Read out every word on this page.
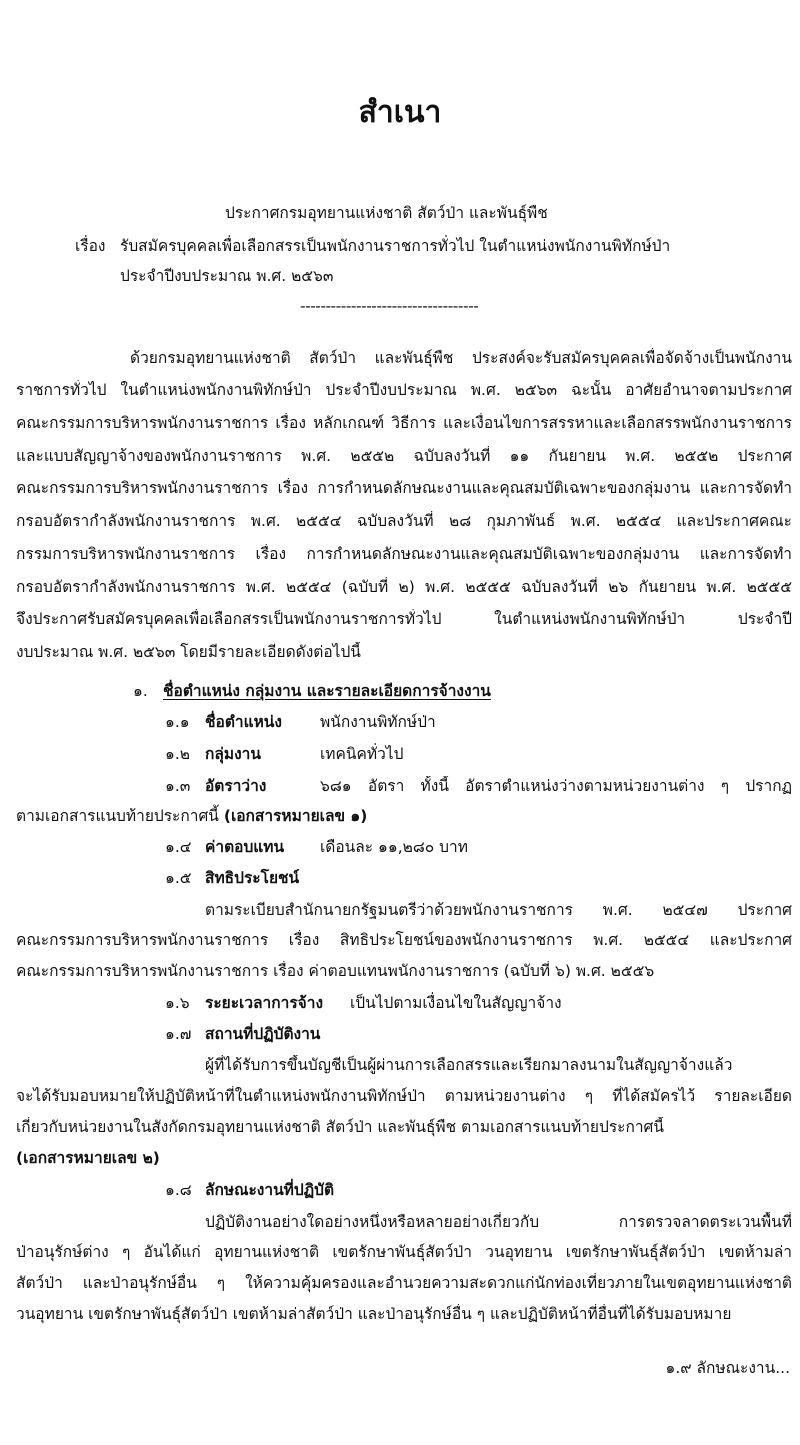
สำเนา
ประกาศกรมอุทยานแห่งชาติ สัตว์ป่า และพันธุ์พืช
เรื่อง รับสมัครบุคคลเพื่อเลือกสรรเป็นพนักงานราชการทั่วไป ในตำแหน่งพนักงานพิทักษ์ป่า
ประจำปีงบประมาณ พ.ศ. ๒๕๖๓
-----------------------------------
ด้วยกรมอุทยานแห่งชาติ สัตว์ป่า และพันธุ์พืช ประสงค์จะรับสมัครบุคคลเพื่อจัดจ้างเป็นพนักงาน
ราชการทั่วไป ในตำแหน่งพนักงานพิทักษ์ป่า ประจำปีงบประมาณ พ.ศ. ๒๕๖๓ ฉะนั้น อาศัยอำนาจตามประกาศ
คณะกรรมการบริหารพนักงานราชการ เรื่อง หลักเกณฑ์ วิธีการ และเงื่อนไขการสรรหาและเลือกสรรพนักงานราชการ
และแบบสัญญาจ้างของพนักงานราชการ พ.ศ. ๒๕๕๒ ฉบับลงวันที่ ๑๑ กันยายน พ.ศ. ๒๕๕๒ ประกาศ
คณะกรรมการบริหารพนักงานราชการ เรื่อง การกำหนดลักษณะงานและคุณสมบัติเฉพาะของกลุ่มงาน และการจัดทำ
กรอบอัตรากำลังพนักงานราชการ พ.ศ. ๒๕๕๔ ฉบับลงวันที่ ๒๘ กุมภาพันธ์ พ.ศ. ๒๕๕๔ และประกาศคณะ
กรรมการบริหารพนักงานราชการ เรื่อง การกำหนดลักษณะงานและคุณสมบัติเฉพาะของกลุ่มงาน และการจัดทำ
กรอบอัตรากำลังพนักงานราชการ พ.ศ. ๒๕๕๔ (ฉบับที่ ๒) พ.ศ. ๒๕๕๕ ฉบับลงวันที่ ๒๖ กันยายน พ.ศ. ๒๕๕๕
จึงประกาศรับสมัครบุคคลเพื่อเลือกสรรเป็นพนักงานราชการทั่วไป ในตำแหน่งพนักงานพิทักษ์ป่า ประจำปี
งบประมาณ พ.ศ. ๒๕๖๓ โดยมีรายละเอียดดังต่อไปนี้
๑. ชื่อตำแหน่ง กลุ่มงาน และรายละเอียดการจ้างงาน
๑.๑ ชื่อตำแหน่ง พนักงานพิทักษ์ป่า
๑.๒ กลุ่มงาน	เทคนิคทั่วไป
๑.๓ อัตราว่าง	๖๘๑ อัตรา ทั้งนี้ อัตราตำแหน่งว่างตามหน่วยงานต่าง ๆ ปรากฏ
ตามเอกสารแนบท้ายประกาศนี้ (เอกสารหมายเลข ๑)
๑.๔ ค่าตอบแทน เดือนละ ๑๑,๒๘๐ บาท
๑.๕ สิทธิประโยชน์
ตามระเบียบสำนักนายกรัฐมนตรีว่าด้วยพนักงานราชการ พ.ศ. ๒๕๔๗ ประกาศ
คณะกรรมการบริหารพนักงานราชการ เรื่อง สิทธิประโยชน์ของพนักงานราชการ พ.ศ. ๒๕๕๔ และประกาศ
คณะกรรมการบริหารพนักงานราชการ เรื่อง ค่าตอบแทนพนักงานราชการ (ฉบับที่ ๖) พ.ศ. ๒๕๕๖
๑.๖ ระยะเวลาการจ้าง เป็นไปตามเงื่อนไขในสัญญาจ้าง
๑.๗ สถานที่ปฏิบัติงาน
ผู้ที่ได้รับการขึ้นบัญชีเป็นผู้ผ่านการเลือกสรรและเรียกมาลงนามในสัญญาจ้างแล้ว
จะได้รับมอบหมายให้ปฏิบัติหน้าที่ในตำแหน่งพนักงานพิทักษ์ป่า ตามหน่วยงานต่าง ๆ ที่ได้สมัครไว้ รายละเอียด
เกี่ยวกับหน่วยงานในสังกัดกรมอุทยานแห่งชาติ สัตว์ป่า และพันธุ์พืช ตามเอกสารแนบท้ายประกาศนี้
(เอกสารหมายเลข ๒)
๑.๘ ลักษณะงานที่ปฏิบัติ
ปฏิบัติงานอย่างใดอย่างหนึ่งหรือหลายอย่างเกี่ยวกับ การตรวจลาดตระเวนพื้นที่
ป่าอนุรักษ์ต่าง ๆ อันได้แก่ อุทยานแห่งชาติ เขตรักษาพันธุ์สัตว์ป่า วนอุทยาน เขตรักษาพันธุ์สัตว์ป่า เขตห้ามล่า
สัตว์ป่า และป่าอนุรักษ์อื่น ๆ ให้ความคุ้มครองและอำนวยความสะดวกแก่นักท่องเที่ยวภายในเขตอุทยานแห่งชาติ
วนอุทยาน เขตรักษาพันธุ์สัตว์ป่า เขตห้ามล่าสัตว์ป่า และป่าอนุรักษ์อื่น ๆ และปฏิบัติหน้าที่อื่นที่ได้รับมอบหมาย
๑.๙ ลักษณะงาน...
